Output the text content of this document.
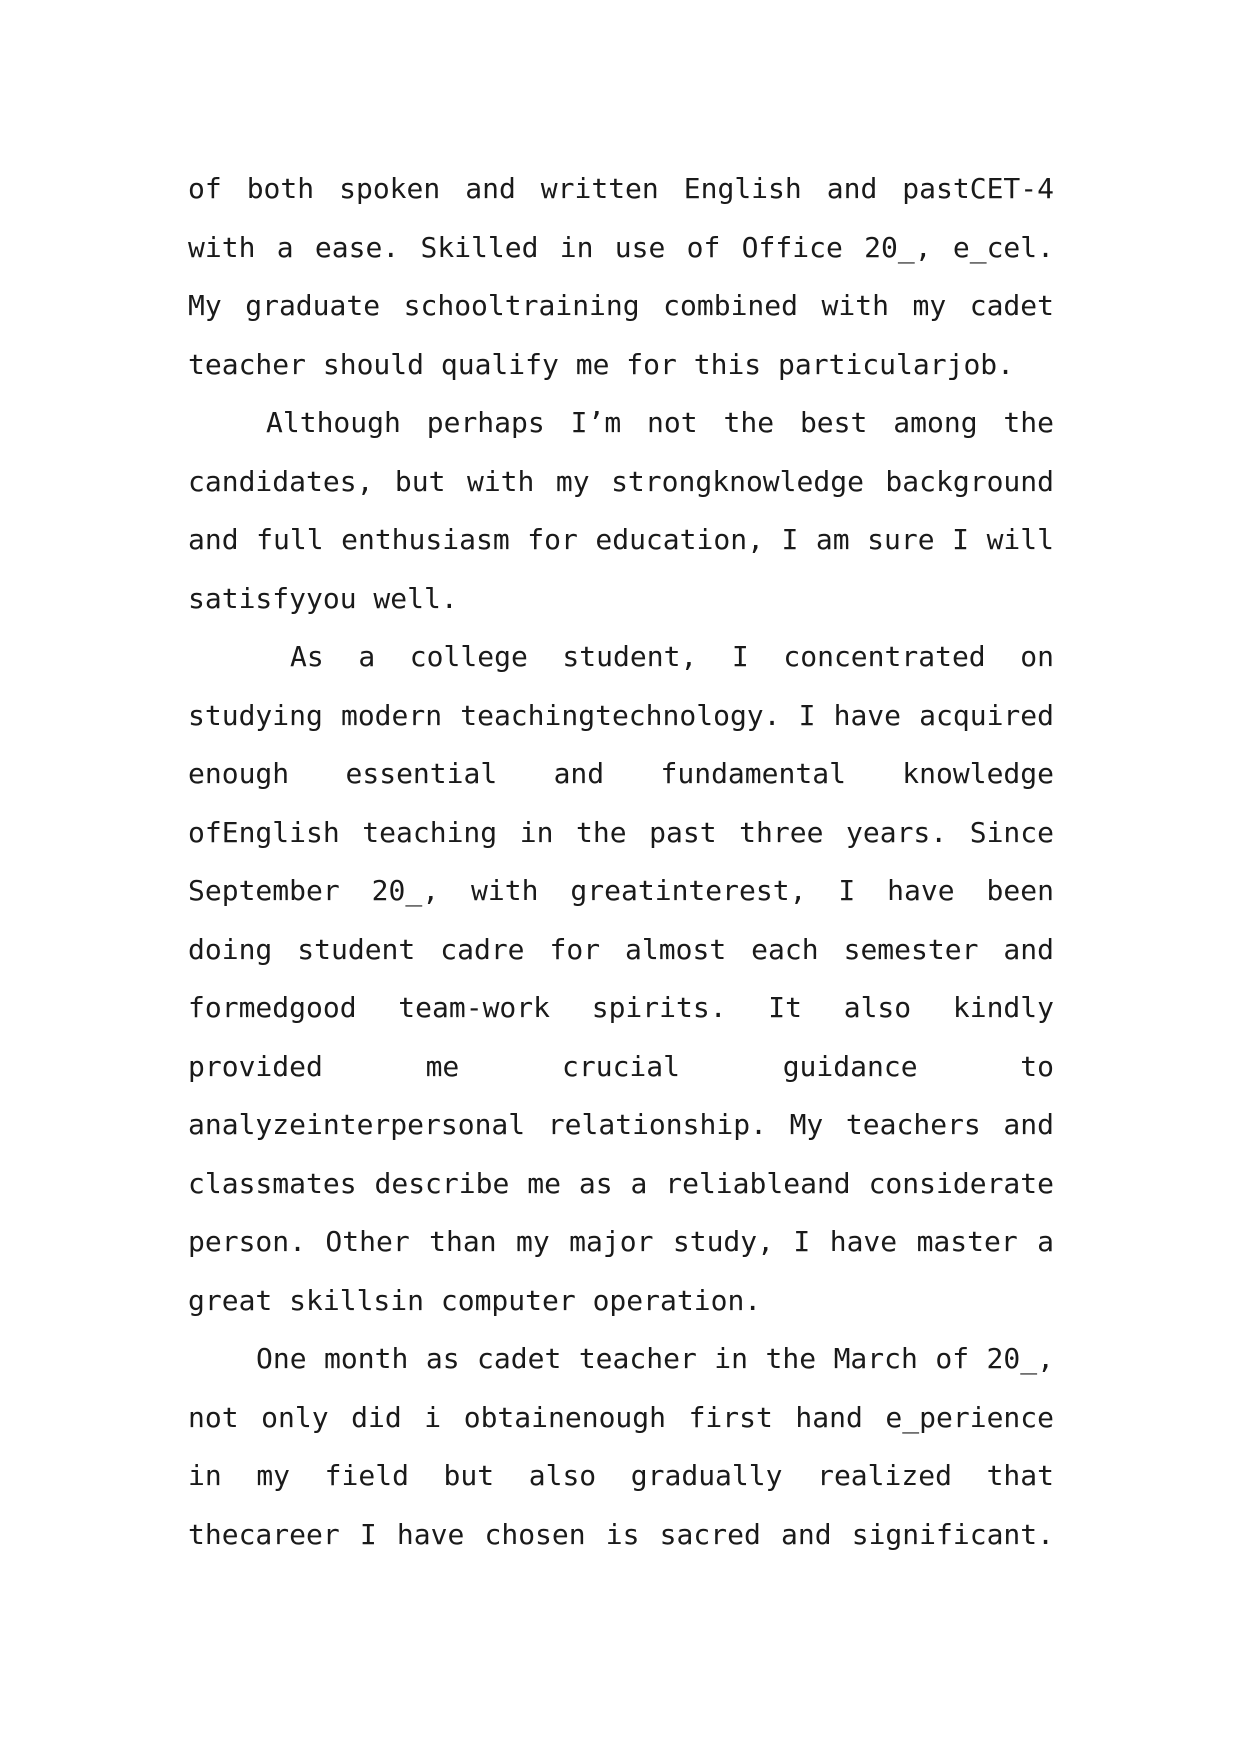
of both spoken and written English and pastCET-4
with a ease. Skilled in use of Office 20_, e_cel.
My graduate schooltraining combined with my cadet
teacher should qualify me for this particularjob.
Although perhaps I’m not the best among the
candidates, but with my strongknowledge background
and full enthusiasm for education, I am sure I will
satisfyyou well.
As a college student, I concentrated on
studying modern teachingtechnology. I have acquired
enough essential and fundamental knowledge
ofEnglish teaching in the past three years. Since
September 20_, with greatinterest, I have been
doing student cadre for almost each semester and
formedgood team-work spirits. It also kindly
provided me crucial guidance to
analyzeinterpersonal relationship. My teachers and
classmates describe me as a reliableand considerate
person. Other than my major study, I have master a
great skillsin computer operation.
One month as cadet teacher in the March of 20_,
not only did i obtainenough first hand e_perience
in my field but also gradually realized that
thecareer I have chosen is sacred and significant.
